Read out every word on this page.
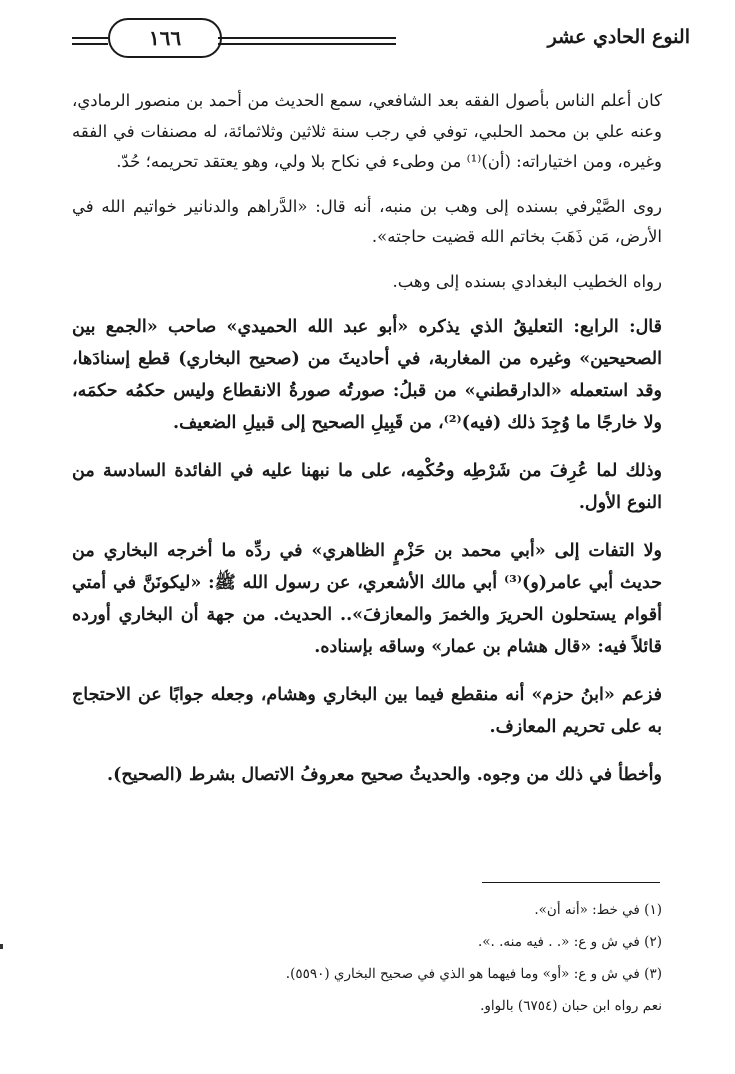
١٦٦	النوع الحادي عشر

كان أعلم الناس بأصول الفقه بعد الشافعي، سمع الحديث من أحمد بن منصور الرمادي، وعنه علي بن محمد الحلبي، توفي في رجب سنة ثلاثين وثلاثمائة، له مصنفات في الفقه وغيره، ومن اختياراته: (أن)⁽¹⁾ من وطىء في نكاح بلا ولي، وهو يعتقد تحريمه؛ حُدّ.

روى الصَّيْرفي بسنده إلى وهب بن منبه، أنه قال: «الدَّراهم والدنانير خواتيم الله في الأرض، مَن ذَهَبَ بخاتم الله قضيت حاجته».

رواه الخطيب البغدادي بسنده إلى وهب.

قال: الرابع: التعليقُ الذي يذكره «أبو عبد الله الحميدي» صاحب «الجمع بين الصحيحين» وغيره من المغاربة، في أحاديثَ من (صحيح البخاري) قطع إسنادَها، وقد استعمله «الدارقطني» من قبلُ: صورتُه صورةُ الانقطاع وليس حكمُه حكمَه، ولا خارجًا ما وُجِدَ ذلك (فيه)⁽²⁾، من قَبِيلِ الصحيح إلى قبيلِ الضعيف.

وذلك لما عُرِفَ من شَرْطِه وحُكْمِه، على ما نبهنا عليه في الفائدة السادسة من النوع الأول.

ولا التفات إلى «أبي محمد بن حَزْمٍ الظاهري» في ردِّه ما أخرجه البخاري من حديث أبي عامر(و)⁽³⁾ أبي مالك الأشعري، عن رسول الله ﷺ: «ليكونَنَّ في أمتي أقوام يستحلون الحريرَ والخمرَ والمعازفَ».. الحديث. من جهة أن البخاري أورده قائلاً فيه: «قال هشام بن عمار» وساقه بإسناده.

فزعم «ابنُ حزم» أنه منقطع فيما بين البخاري وهشام، وجعله جوابًا عن الاحتجاج به على تحريم المعازف.

وأخطأ في ذلك من وجوه. والحديثُ صحيح معروفُ الاتصال بشرط (الصحيح).

(١) في خط: «أنه أن».

(٢) في ش و ع: «. . فيه منه. .».

(٣) في ش و ع: «أو» وما فيهما هو الذي في صحيح البخاري (٥٥٩٠).

نعم رواه ابن حبان (٦٧٥٤) بالواو.
